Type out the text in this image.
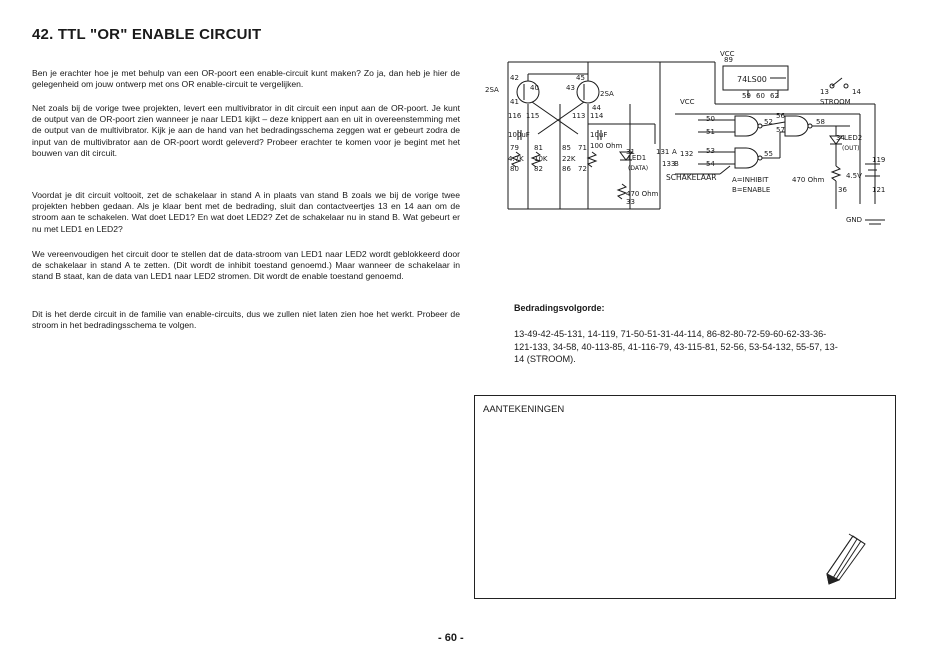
42. TTL "OR" ENABLE CIRCUIT
Ben je erachter hoe je met behulp van een OR-poort een enable-circuit kunt maken? Zo ja, dan heb je hier de gelegenheid om jouw ontwerp met ons OR enable-circuit te vergelijken.
Net zoals bij de vorige twee projekten, levert een multivibrator in dit circuit een input aan de OR-poort. Je kunt de output van de OR-poort zien wanneer je naar LED1 kijkt – deze knippert aan en uit in overeenstemming met de output van de multivibrator. Kijk je aan de hand van het bedradingsschema zeggen wat er gebeurt zodra de input van de multivibrator aan de OR-poort wordt geleverd? Probeer erachter te komen voor je begint met het bouwen van dit circuit.
Voordat je dit circuit voltooit, zet de schakelaar in stand A in plaats van stand B zoals we bij de vorige twee projekten hebben gedaan. Als je klaar bent met de bedrading, sluit dan contactveertjes 13 en 14 aan om de stroom aan te schakelen. Wat doet LED1? En wat doet LED2? Zet de schakelaar nu in stand B. Wat gebeurt er nu met LED1 en LED2?
We vereenvoudigen het circuit door te stellen dat de data-stroom van LED1 naar LED2 wordt geblokkeerd door de schakelaar in stand A te zetten. (Dit wordt de inhibit toestand genoemd.) Maar wanneer de schakelaar in stand B staat, kan de data van LED1 naar LED2 stromen. Dit wordt de enable toestand genoemd.
Dit is het derde circuit in de familie van enable-circuits, dus we zullen niet laten zien hoe het werkt. Probeer de stroom in het bedradingsschema te volgen.
VCC
89
74LS00
59 60 62
2SA	2SA
42	45
40	43
41
44
116 115	113 114
100uF	10uF
79 81	85 71 100 Ohm
4.7K 10K 22K
80 82	86 72
31	131
LED1
(DATA)
133
A 132
B
470 Ohm
33
50
51
53
54
52
55
56
57
58
34
SCHAKELAAR A=INHIBIT
B=ENABLE
470 Ohm
LED2
(OUT)
4.5V
STROOM
13	14
119
121
36
GND
VCC
Bedradingsvolgorde:
13-49-42-45-131, 14-119, 71-50-51-31-44-114, 86-82-80-72-59-60-62-33-36-121-133, 34-58, 40-113-85, 41-116-79, 43-115-81, 52-56, 53-54-132, 55-57, 13-14 (STROOM).
AANTEKENINGEN
- 60 -
